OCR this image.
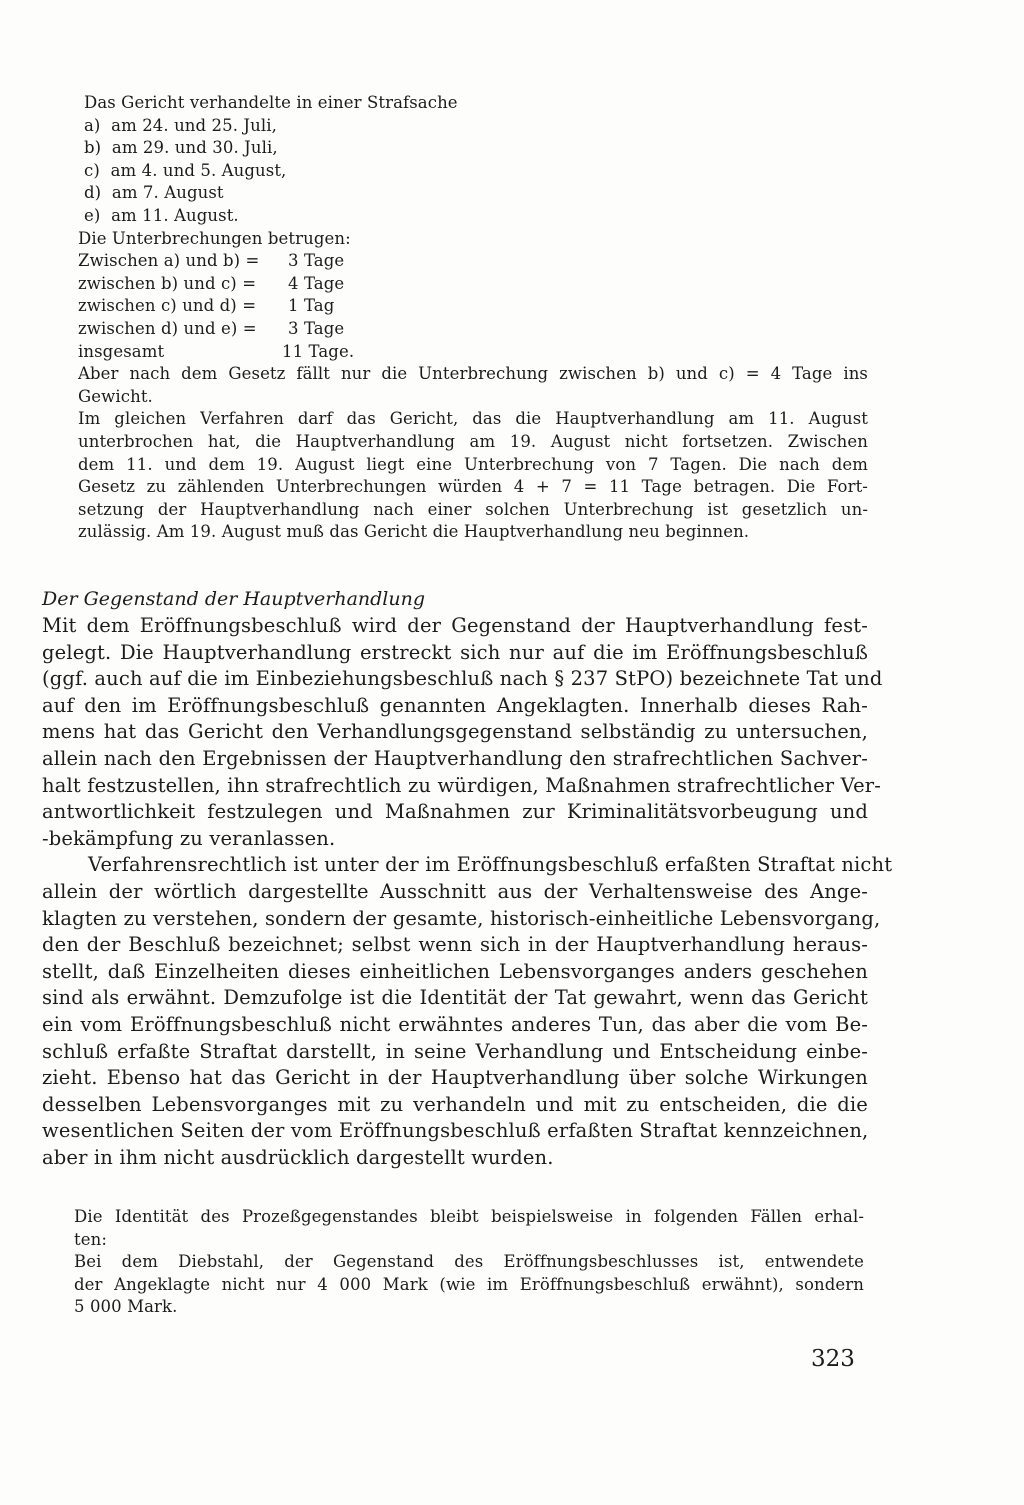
Das Gericht verhandelte in einer Strafsache
a)  am 24. und 25. Juli,
b)  am 29. und 30. Juli,
c)  am 4. und 5. August,
d)  am 7. August
e)  am 11. August.
Die Unterbrechungen betrugen:
Zwischen a) und b) =	3 Tage
zwischen b) und c) =	4 Tage
zwischen c) und d) =	1 Tag
zwischen d) und e) =	3 Tage
insgesamt	11 Tage.
Aber nach dem Gesetz fällt nur die Unterbrechung zwischen b) und c) = 4 Tage ins
Gewicht.
Im gleichen Verfahren darf das Gericht, das die Hauptverhandlung am 11. August
unterbrochen hat, die Hauptverhandlung am 19. August nicht fortsetzen. Zwischen
dem 11. und dem 19. August liegt eine Unterbrechung von 7 Tagen. Die nach dem
Gesetz zu zählenden Unterbrechungen würden 4 + 7 = 11 Tage betragen. Die Fort-
setzung der Hauptverhandlung nach einer solchen Unterbrechung ist gesetzlich un-
zulässig. Am 19. August muß das Gericht die Hauptverhandlung neu beginnen.
Der Gegenstand der Hauptverhandlung
Mit dem Eröffnungsbeschluß wird der Gegenstand der Hauptverhandlung fest-
gelegt. Die Hauptverhandlung erstreckt sich nur auf die im Eröffnungsbeschluß
(ggf. auch auf die im Einbeziehungsbeschluß nach § 237 StPO) bezeichnete Tat und
auf den im Eröffnungsbeschluß genannten Angeklagten. Innerhalb dieses Rah-
mens hat das Gericht den Verhandlungsgegenstand selbständig zu untersuchen,
allein nach den Ergebnissen der Hauptverhandlung den strafrechtlichen Sachver-
halt festzustellen, ihn strafrechtlich zu würdigen, Maßnahmen strafrechtlicher Ver-
antwortlichkeit festzulegen und Maßnahmen zur Kriminalitätsvorbeugung und
-bekämpfung zu veranlassen.
Verfahrensrechtlich ist unter der im Eröffnungsbeschluß erfaßten Straftat nicht
allein der wörtlich dargestellte Ausschnitt aus der Verhaltensweise des Ange-
klagten zu verstehen, sondern der gesamte, historisch-einheitliche Lebensvorgang,
den der Beschluß bezeichnet; selbst wenn sich in der Hauptverhandlung heraus-
stellt, daß Einzelheiten dieses einheitlichen Lebensvorganges anders geschehen
sind als erwähnt. Demzufolge ist die Identität der Tat gewahrt, wenn das Gericht
ein vom Eröffnungsbeschluß nicht erwähntes anderes Tun, das aber die vom Be-
schluß erfaßte Straftat darstellt, in seine Verhandlung und Entscheidung einbe-
zieht. Ebenso hat das Gericht in der Hauptverhandlung über solche Wirkungen
desselben Lebensvorganges mit zu verhandeln und mit zu entscheiden, die die
wesentlichen Seiten der vom Eröffnungsbeschluß erfaßten Straftat kennzeichnen,
aber in ihm nicht ausdrücklich dargestellt wurden.
Die Identität des Prozeßgegenstandes bleibt beispielsweise in folgenden Fällen erhal-
ten:
Bei dem Diebstahl, der Gegenstand des Eröffnungsbeschlusses ist, entwendete
der Angeklagte nicht nur 4 000 Mark (wie im Eröffnungsbeschluß erwähnt), sondern
5 000 Mark.
323
